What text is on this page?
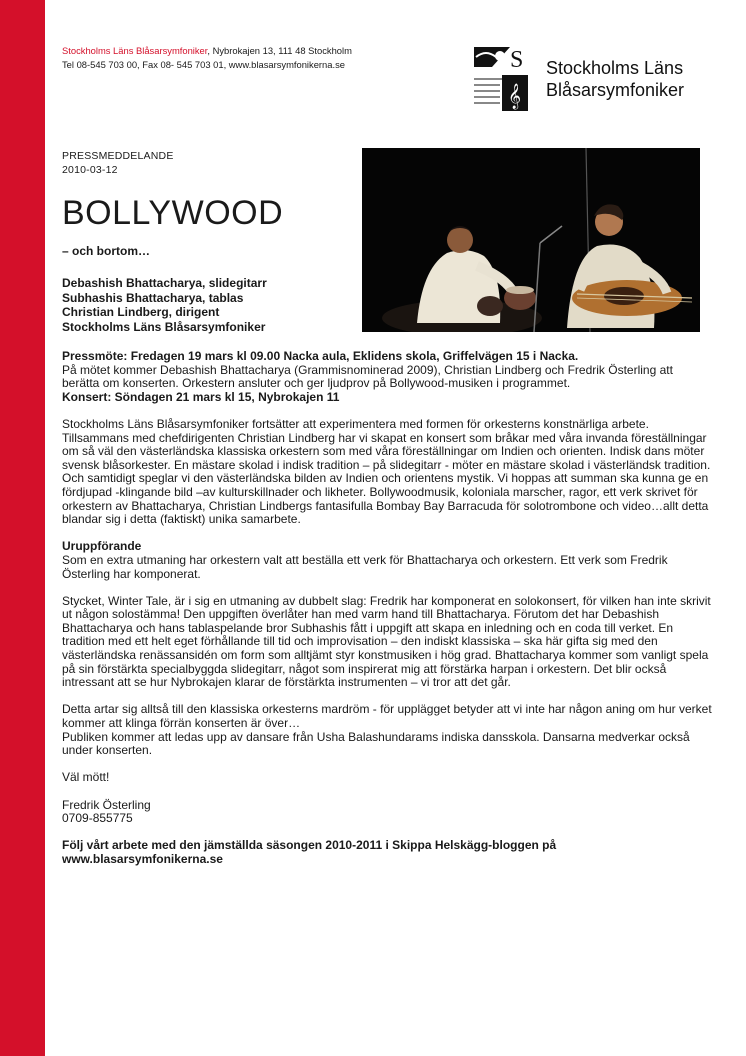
Stockholms Läns Blåsarsymfoniker, Nybrokajen 13, 111 48 Stockholm
Tel 08-545 703 00, Fax 08- 545 703 01, www.blasarsymfonikerna.se	S
𝄞
Stockholms Läns
Blåsarsymfoniker
PRESSMEDDELANDE
2010-03-12
BOLLYWOOD
– och bortom…
Debashish Bhattacharya, slidegitarr
Subhashis Bhattacharya, tablas
Christian Lindberg, dirigent
Stockholms Läns Blåsarsymfoniker

Pressmöte: Fredagen 19 mars kl 09.00 Nacka aula, Eklidens skola, Griffelvägen 15 i Nacka.
På mötet kommer Debashish Bhattacharya (Grammisnominerad 2009), Christian Lindberg och Fredrik Österling att berätta om konserten. Orkestern ansluter och ger ljudprov på Bollywood-musiken i programmet.
Konsert: Söndagen 21 mars kl 15, Nybrokajen 11

Stockholms Läns Blåsarsymfoniker fortsätter att experimentera med formen för orkesterns konstnärliga arbete. Tillsammans med chefdirigenten Christian Lindberg har vi skapat en konsert som bråkar med våra invanda föreställningar om så väl den västerländska klassiska orkestern som med våra föreställningar om Indien och orienten. Indisk dans möter svensk blåsorkester. En mästare skolad i indisk tradition – på slidegitarr - möter en mästare skolad i västerländsk tradition. Och samtidigt speglar vi den västerländska bilden av Indien och orientens mystik. Vi hoppas att summan ska kunna ge en fördjupad -klingande bild –av kulturskillnader och likheter. Bollywoodmusik, koloniala marscher, ragor, ett verk skrivet för orkestern av Bhattacharya, Christian Lindbergs fantasifulla Bombay Bay Barracuda för solotrombone och video…allt detta blandar sig i detta (faktiskt) unika samarbete.

Uruppförande
Som en extra utmaning har orkestern valt att beställa ett verk för Bhattacharya och orkestern. Ett verk som Fredrik Österling har komponerat.

Stycket, Winter Tale, är i sig en utmaning av dubbelt slag: Fredrik har komponerat en solokonsert, för vilken han inte skrivit ut någon solostämma! Den uppgiften överlåter han med varm hand till Bhattacharya. Förutom det har Debashish Bhattacharya och hans tablaspelande bror Subhashis fått i uppgift att skapa en inledning och en coda till verket. En tradition med ett helt eget förhållande till tid och improvisation – den indiskt klassiska – ska här gifta sig med den västerländska renässansidén om form som alltjämt styr konstmusiken i hög grad. Bhattacharya kommer som vanligt spela på sin förstärkta specialbyggda slidegitarr, något som inspirerat mig att förstärka harpan i orkestern. Det blir också intressant att se hur Nybrokajen klarar de förstärkta instrumenten – vi tror att det går.

Detta artar sig alltså till den klassiska orkesterns mardröm - för upplägget betyder att vi inte har någon aning om hur verket kommer att klinga förrän konserten är över…
Publiken kommer att ledas upp av dansare från Usha Balashundarams indiska dansskola. Dansarna medverkar också under konserten.

Väl mött!

Fredrik Österling
0709-855775

Följ vårt arbete med den jämställda säsongen 2010-2011 i Skippa Helskägg-bloggen på
www.blasarsymfonikerna.se
